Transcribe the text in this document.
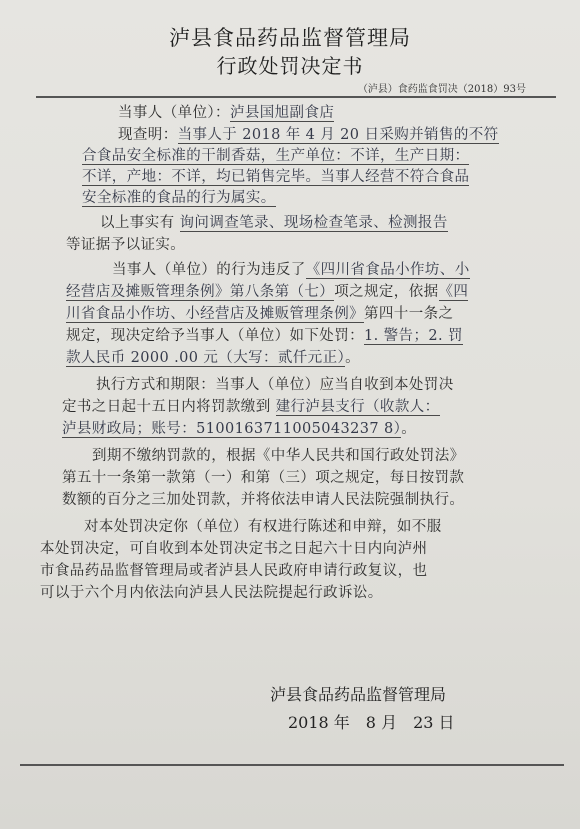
泸县食品药品监督管理局
行政处罚决定书
（泸县）食药监食罚决（2018）93号
当事人（单位）：泸县国旭副食店
现查明：当事人于 2018 年 4 月 20 日采购并销售的不符
合食品安全标准的干制香菇，生产单位：不详，生产日期：
不详，产地：不详，均已销售完毕。当事人经营不符合食品
安全标准的食品的行为属实。
以上事实有 询问调查笔录、现场检查笔录、检测报告
等证据予以证实。
当事人（单位）的行为违反了《四川省食品小作坊、小
经营店及摊贩管理条例》第八条第（七）项之规定，依据《四
川省食品小作坊、小经营店及摊贩管理条例》第四十一条之
规定，现决定给予当事人（单位）如下处罚：1. 警告；2. 罚
款人民币 2000 .00 元（大写：贰仟元正）。
执行方式和期限：当事人（单位）应当自收到本处罚决
定书之日起十五日内将罚款缴到 建行泸县支行（收款人：
泸县财政局；账号：5100163711005043237 8）。
到期不缴纳罚款的，根据《中华人民共和国行政处罚法》
第五十一条第一款第（一）和第（三）项之规定，每日按罚款
数额的百分之三加处罚款，并将依法申请人民法院强制执行。
对本处罚决定你（单位）有权进行陈述和申辩，如不服
本处罚决定，可自收到本处罚决定书之日起六十日内向泸州
市食品药品监督管理局或者泸县人民政府申请行政复议，也
可以于六个月内依法向泸县人民法院提起行政诉讼。
泸县食品药品监督管理局
2018 年　8 月　23 日
